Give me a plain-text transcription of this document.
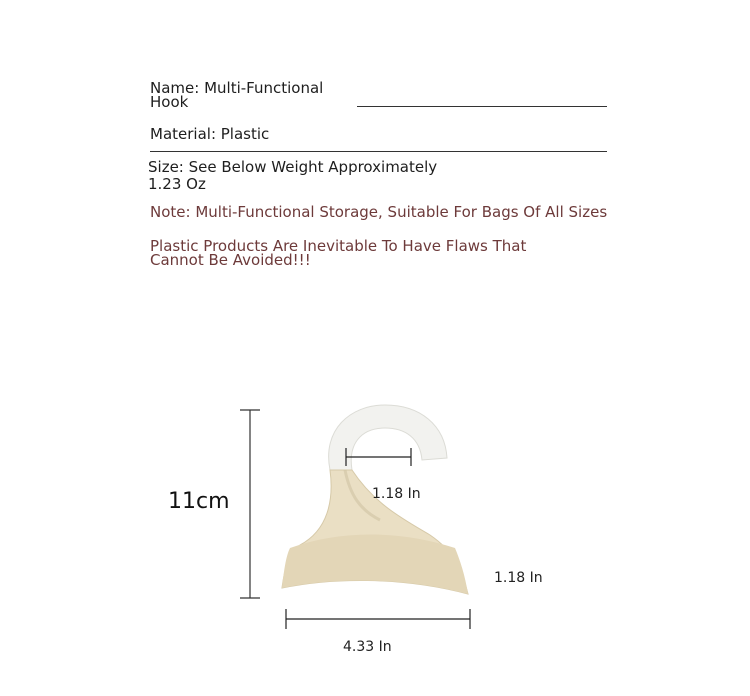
Name: Multi-Functional Hook
Material: Plastic
Size: See Below Weight Approximately 1.23 Oz
Note: Multi-Functional Storage, Suitable For Bags Of All Sizes
Plastic Products Are Inevitable To Have Flaws That Cannot Be Avoided!!!
11cm	1.18 In
1.18 In
4.33 In
